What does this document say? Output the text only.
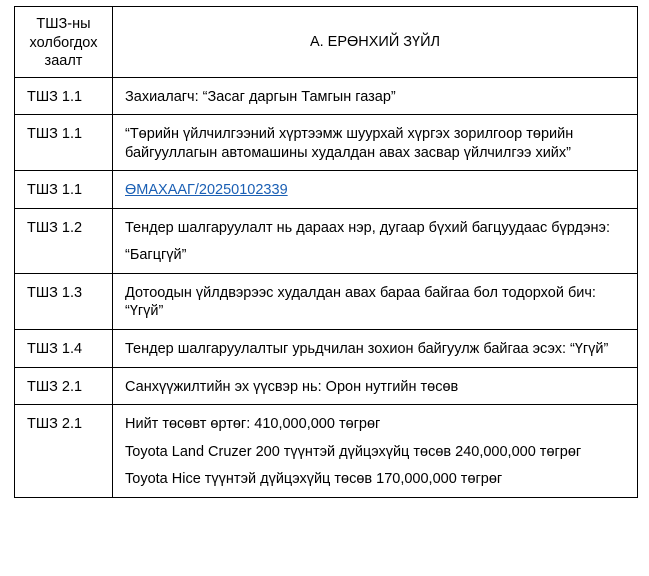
ТШЗ-ны холбогдох заалт	А. ЕРӨНХИЙ ЗҮЙЛ
ТШЗ 1.1	Захиалагч: “Засаг даргын Тамгын газар”

ТШЗ 1.1	“Төрийн үйлчилгээний хүртээмж шуурхай хүргэх зорилгоор төрийн байгууллагын автомашины худалдан авах засвар үйлчилгээ хийх”

ТШЗ 1.1	ӨМАХААГ/20250102339

ТШЗ 1.2	Тендер шалгаруулалт нь дараах нэр, дугаар бүхий багцуудаас бүрдэнэ:

“Багцгүй”

ТШЗ 1.3	Дотоодын үйлдвэрээс худалдан авах бараа байгаа бол тодорхой бич: “Үгүй”

ТШЗ 1.4	Тендер шалгаруулалтыг урьдчилан зохион байгуулж байгаа эсэх: “Үгүй”

ТШЗ 2.1	Санхүүжилтийн эх үүсвэр нь: Орон нутгийн төсөв

ТШЗ 2.1	Нийт төсөвт өртөг: 410,000,000 төгрөг

Toyota Land Cruzer 200 түүнтэй дүйцэхүйц төсөв 240,000,000 төгрөг

Toyota Hice түүнтэй дүйцэхүйц төсөв 170,000,000 төгрөг
